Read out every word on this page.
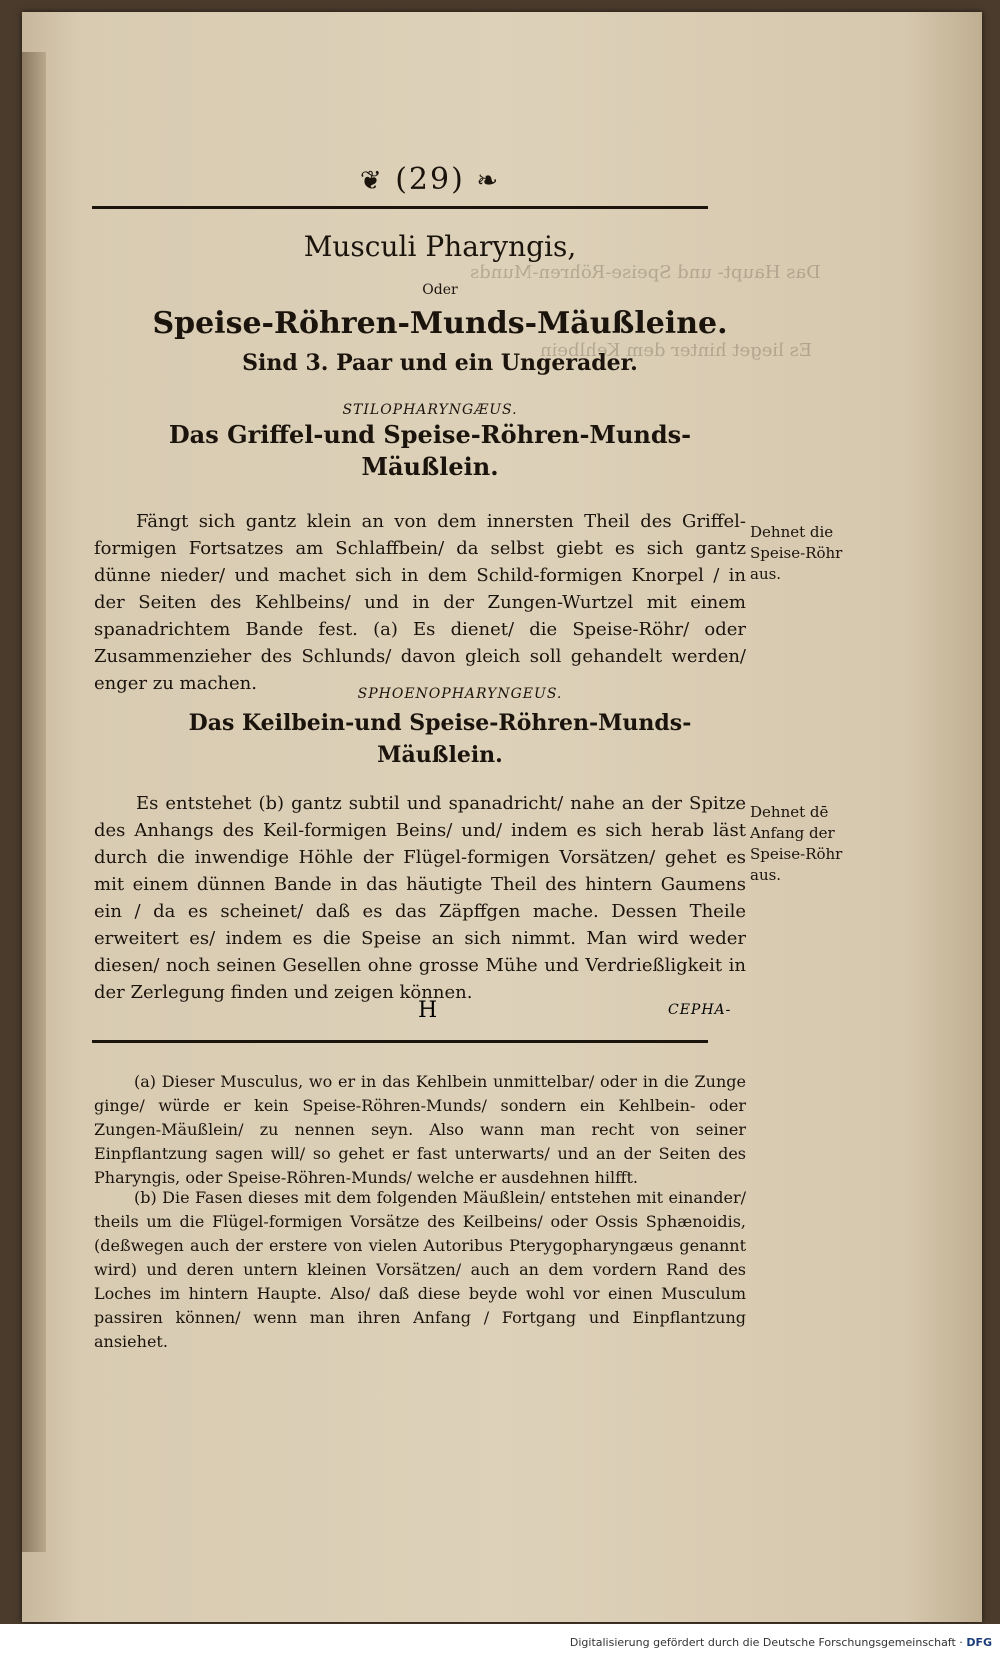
Das Haupt- und Speise-Röhren-Munds
Es lieget hinter dem Kehlbein
❦ (29) ❧
Musculi Pharyngis,
Oder
Speise-Röhren-Munds-Mäußleine.
Sind 3. Paar und ein Ungerader.
STILOPHARYNGÆUS.
Das Griffel-und Speise-Röhren-Munds-
Mäußlein.
Fängt sich gantz klein an von dem innersten Theil des Griffel-formigen Fortsatzes am Schlaffbein/ da selbst giebt es sich gantz dünne nieder/ und machet sich in dem Schild-formigen Knorpel / in der Seiten des Kehlbeins/ und in der Zungen-Wurtzel mit einem spanadrichtem Bande fest. (a) Es dienet/ die Speise-Röhr/ oder Zusammenzieher des Schlunds/ davon gleich soll gehandelt werden/ enger zu machen.
Dehnet die Speise-Röhr aus.
SPHOENOPHARYNGEUS.
Das Keilbein-und Speise-Röhren-Munds-
Mäußlein.
Es entstehet (b) gantz subtil und spanadricht/ nahe an der Spitze des Anhangs des Keil-formigen Beins/ und/ indem es sich herab läst durch die inwendige Höhle der Flügel-formigen Vorsätzen/ gehet es mit einem dünnen Bande in das häutigte Theil des hintern Gaumens ein / da es scheinet/ daß es das Zäpffgen mache. Dessen Theile erweitert es/ indem es die Speise an sich nimmt. Man wird weder diesen/ noch seinen Gesellen ohne grosse Mühe und Verdrießligkeit in der Zerlegung finden und zeigen können.
Dehnet dē Anfang der Speise-Röhr aus.
H	CEPHA-
(a) Dieser Musculus, wo er in das Kehlbein unmittelbar/ oder in die Zunge ginge/ würde er kein Speise-Röhren-Munds/ sondern ein Kehlbein- oder Zungen-Mäußlein/ zu nennen seyn. Also wann man recht von seiner Einpflantzung sagen will/ so gehet er fast unterwarts/ und an der Seiten des Pharyngis, oder Speise-Röhren-Munds/ welche er ausdehnen hilfft.
(b) Die Fasen dieses mit dem folgenden Mäußlein/ entstehen mit einander/ theils um die Flügel-formigen Vorsätze des Keilbeins/ oder Ossis Sphænoidis, (deßwegen auch der erstere von vielen Autoribus Pterygopharyngæus genannt wird) und deren untern kleinen Vorsätzen/ auch an dem vordern Rand des Loches im hintern Haupte. Also/ daß diese beyde wohl vor einen Musculum passiren können/ wenn man ihren Anfang / Fortgang und Einpflantzung ansiehet.
Digitalisierung gefördert durch die Deutsche Forschungsgemeinschaft · DFG
